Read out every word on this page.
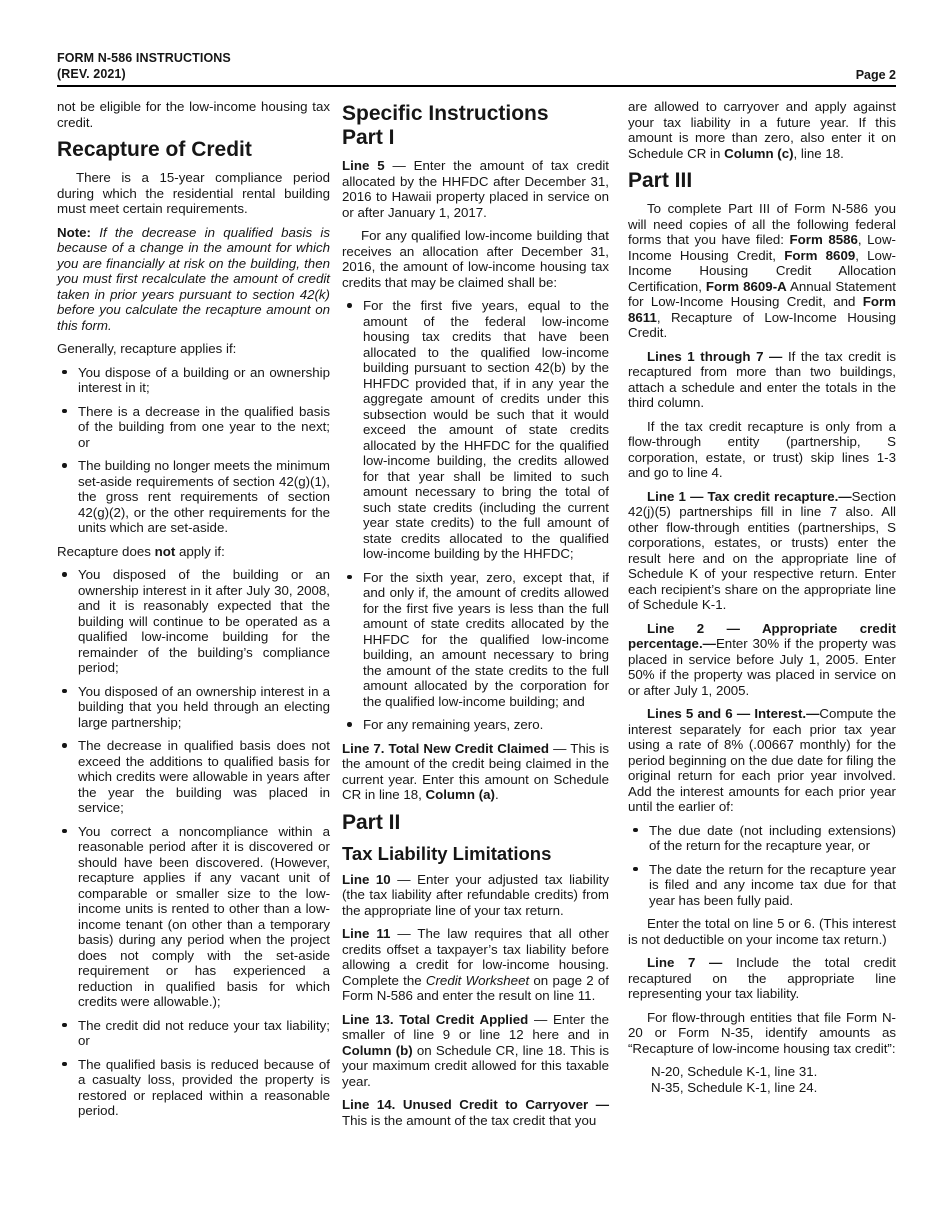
FORM N-586 INSTRUCTIONS
(REV. 2021)	Page 2
not be eligible for the low-income housing tax credit.
Recapture of Credit
There is a 15-year compliance period during which the residential rental building must meet certain requirements.
Note: If the decrease in qualified basis is because of a change in the amount for which you are financially at risk on the building, then you must first recalculate the amount of credit taken in prior years pursuant to section 42(k) before you calculate the recapture amount on this form.
Generally, recapture applies if:
You dispose of a building or an ownership interest in it;
There is a decrease in the qualified basis of the building from one year to the next; or
The building no longer meets the minimum set-aside requirements of section 42(g)(1), the gross rent requirements of section 42(g)(2), or the other requirements for the units which are set-aside.
Recapture does not apply if:
You disposed of the building or an ownership interest in it after July 30, 2008, and it is reasonably expected that the building will continue to be operated as a qualified low-income building for the remainder of the building’s compliance period;
You disposed of an ownership interest in a building that you held through an electing large partnership;
The decrease in qualified basis does not exceed the additions to qualified basis for which credits were allowable in years after the year the building was placed in service;
You correct a noncompliance within a reasonable period after it is discovered or should have been discovered. (However, recapture applies if any vacant unit of comparable or smaller size to the low-income units is rented to other than a low-income tenant (on other than a temporary basis) during any period when the project does not comply with the set-aside requirement or has experienced a reduction in qualified basis for which credits were allowable.);
The credit did not reduce your tax liability; or
The qualified basis is reduced because of a casualty loss, provided the property is restored or replaced within a reasonable period.
Specific Instructions
Part I
Line 5 — Enter the amount of tax credit allocated by the HHFDC after December 31, 2016 to Hawaii property placed in service on or after January 1, 2017.
For any qualified low-income building that receives an allocation after December 31, 2016, the amount of low-income housing tax credits that may be claimed shall be:
For the first five years, equal to the amount of the federal low-income housing tax credits that have been allocated to the qualified low-income building pursuant to section 42(b) by the HHFDC provided that, if in any year the aggregate amount of credits under this subsection would be such that it would exceed the amount of state credits allocated by the HHFDC for the qualified low-income building, the credits allowed for that year shall be limited to such amount necessary to bring the total of such state credits (including the current year state credits) to the full amount of state credits allocated to the qualified low-income building by the HHFDC;
For the sixth year, zero, except that, if and only if, the amount of credits allowed for the first five years is less than the full amount of state credits allocated by the HHFDC for the qualified low-income building, an amount necessary to bring the amount of the state credits to the full amount allocated by the corporation for the qualified low-income building; and
For any remaining years, zero.
Line 7. Total New Credit Claimed — This is the amount of the credit being claimed in the current year. Enter this amount on Schedule CR in line 18, Column (a).
Part II
Tax Liability Limitations
Line 10 — Enter your adjusted tax liability (the tax liability after refundable credits) from the appropriate line of your tax return.
Line 11 — The law requires that all other credits offset a taxpayer’s tax liability before allowing a credit for low-income housing. Complete the Credit Worksheet on page 2 of Form N-586 and enter the result on line 11.
Line 13. Total Credit Applied — Enter the smaller of line 9 or line 12 here and in Column (b) on Schedule CR, line 18. This is your maximum credit allowed for this taxable year.
Line 14. Unused Credit to Carryover — This is the amount of the tax credit that you
are allowed to carryover and apply against your tax liability in a future year. If this amount is more than zero, also enter it on Schedule CR in Column (c), line 18.
Part III
To complete Part III of Form N-586 you will need copies of all the following federal forms that you have filed: Form 8586, Low-Income Housing Credit, Form 8609, Low-Income Housing Credit Allocation Certification, Form 8609-A Annual Statement for Low-Income Housing Credit, and Form 8611, Recapture of Low-Income Housing Credit.
Lines 1 through 7 — If the tax credit is recaptured from more than two buildings, attach a schedule and enter the totals in the third column.
If the tax credit recapture is only from a flow-through entity (partnership, S corporation, estate, or trust) skip lines 1-3 and go to line 4.
Line 1 — Tax credit recapture.—Section 42(j)(5) partnerships fill in line 7 also. All other flow-through entities (partnerships, S corporations, estates, or trusts) enter the result here and on the appropriate line of Schedule K of your respective return. Enter each recipient’s share on the appropriate line of Schedule K-1.
Line 2 — Appropriate credit percentage.—Enter 30% if the property was placed in service before July 1, 2005. Enter 50% if the property was placed in service on or after July 1, 2005.
Lines 5 and 6 — Interest.—Compute the interest separately for each prior tax year using a rate of 8% (.00667 monthly) for the period beginning on the due date for filing the original return for each prior year involved. Add the interest amounts for each prior year until the earlier of:
The due date (not including extensions) of the return for the recapture year, or
The date the return for the recapture year is filed and any income tax due for that year has been fully paid.
Enter the total on line 5 or 6. (This interest is not deductible on your income tax return.)
Line 7 — Include the total credit recaptured on the appropriate line representing your tax liability.
For flow-through entities that file Form N-20 or Form N-35, identify amounts as “Recapture of low-income housing tax credit”:
N-20, Schedule K-1, line 31.
N-35, Schedule K-1, line 24.
